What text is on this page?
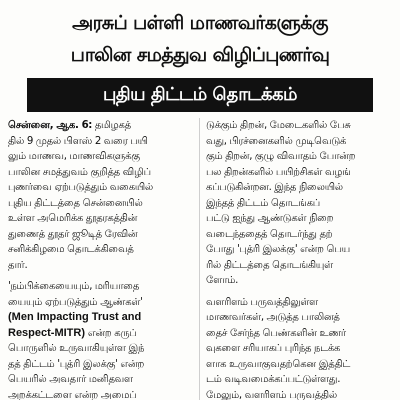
அரசுப் பள்ளி மாணவர்களுக்கு
பாலின சமத்துவ விழிப்புணர்வு
புதிய திட்டம் தொடக்கம்
சென்னை, ஆக. 6: தமிழகத்
தில் 9 முதல் பிளஸ் 2 வரை பயி
லும் மாணவ, மாணவிகளுக்கு
பாலின சமத்துவம் குறித்த விழிப்
புணர்வை ஏற்படுத்தும் வகையில்
புதிய திட்டத்தை சென்னையில்
உள்ள அமெரிக்க தூதரகத்தின்
துணைத் தூதர் ஜூடித் ரேவின்
சனிக்கிழமை தொடக்கிவைத்
தார்.
'நம்பிக்கையையும், மரியாதை
யையும் ஏற்படுத்தும் ஆண்கள்'
(Men Impacting Trust and
Respect-MITR) என்ற கருப்
பொருளில் உருவாகியுள்ள இந்
தத் திட்டம் 'புத்ரி இலக்கு' என்ற
பெயரில் அவதார் மனிதவள
அறக்கட்டளை என்ற அமைப்
டுக்கும் திறன், மேடைகளில் பேசு
வது, பிரச்னைகளில் முடிவெடுக்
கும் திறன், குழு விவாதம் போன்ற
பல திறன்களில் பயிற்சிகள் வழங்
கப்படுகின்றன. இந்த நிலையில்
இந்தத் திட்டம் தொடங்கப்
பட்டு ஐந்து ஆண்டுகள் நிறை
வடைந்ததைத் தொடர்ந்து தற்
போது 'புத்ரி இலக்கு' என்ற பெய
ரில் திட்டத்தை தொடங்கியுள்
ளோம்.
வளரிளம் பருவத்திலுள்ள
மாணவர்கள், அடுத்த பாலினத்
தைச் சேர்ந்த பெண்களின் உணர்
வுகளை சரியாகப் புரிந்த நடக்க
ளாக உருவாகுவதற்கென இத்திட்
டம் வடிவமைக்கப்பட்டுள்ளது.
மேலும், வளரிளம் பருவத்தில்
